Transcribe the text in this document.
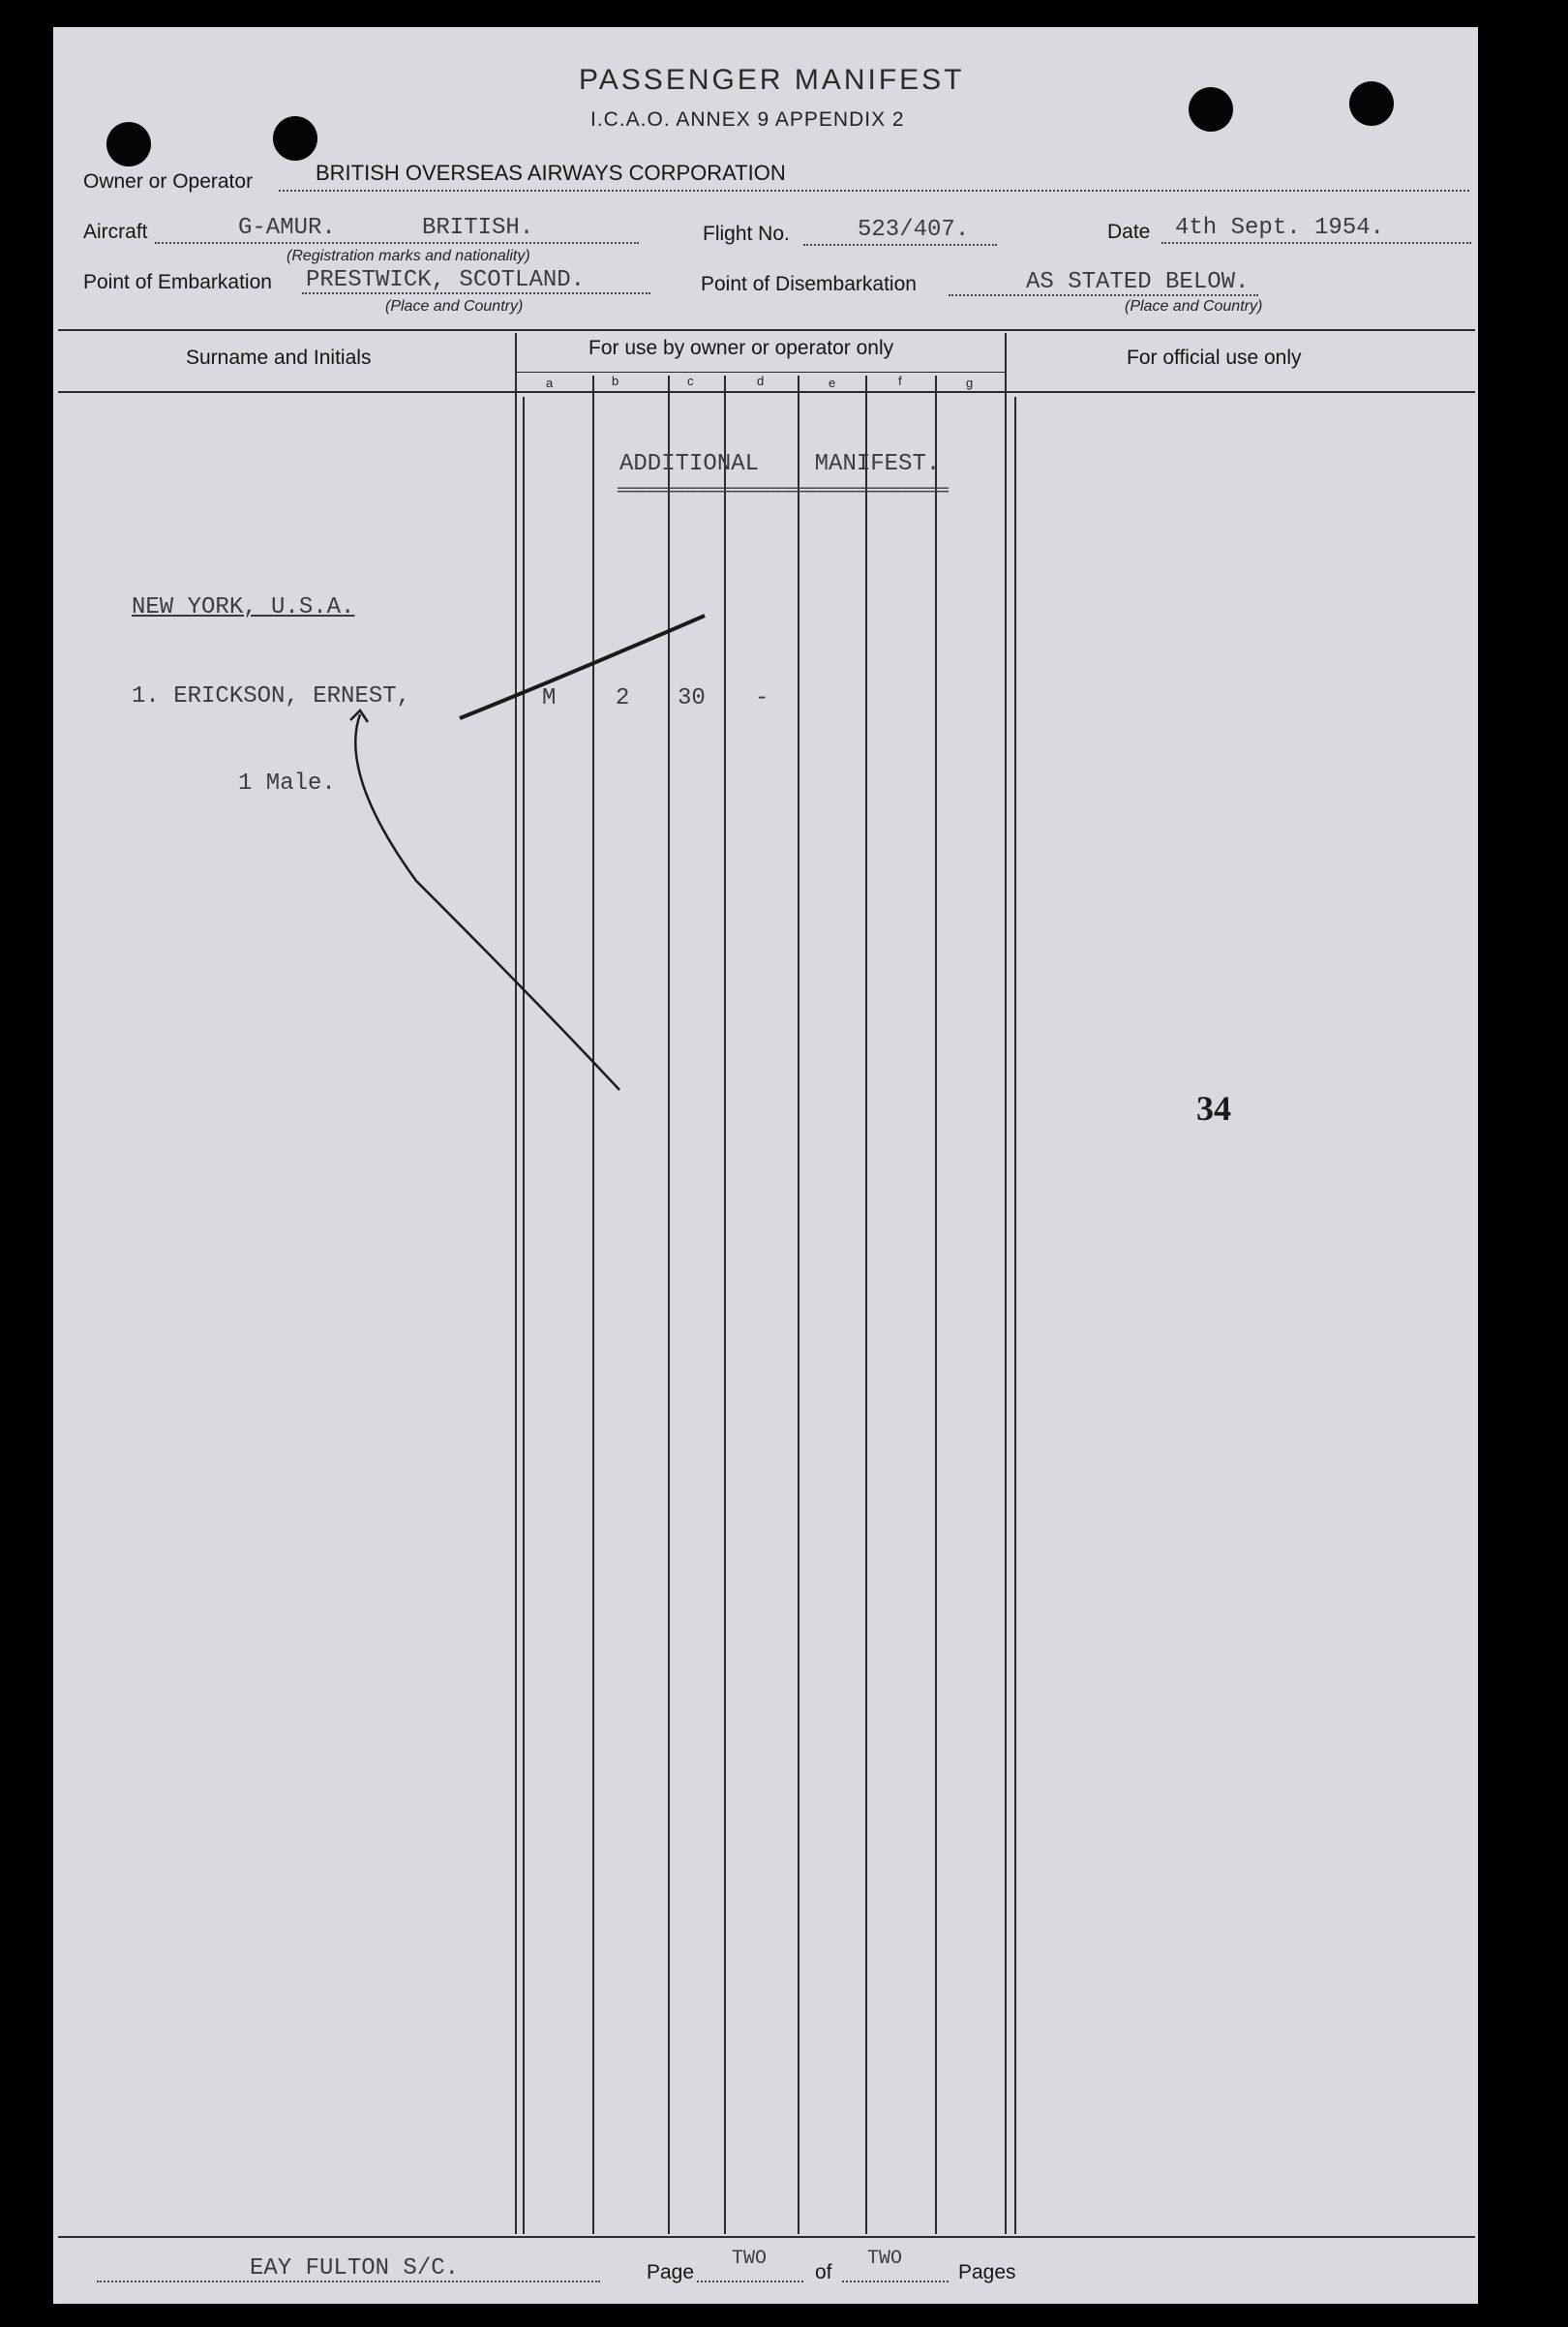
PASSENGER MANIFEST
I.C.A.O. ANNEX 9 APPENDIX 2
Owner or Operator	BRITISH OVERSEAS AIRWAYS CORPORATION
Aircraft	G-AMUR.	BRITISH.
(Registration marks and nationality)
Flight No.	523/407.	Date 4th Sept. 1954.
Point of Embarkation PRESTWICK, SCOTLAND.
(Place and Country)
Point of Disembarkation	AS STATED BELOW.
(Place and Country)
Surname and Initials	For use by owner or operator only	For official use only
a	b	c	d	e	f	g
ADDITIONAL    MANIFEST.
═══════════════════════════════
NEW YORK, U.S.A.
1. ERICKSON, ERNEST,	M	2 30 -
1 Male.
34
EAY FULTON S/C.	Page
TWO
of
TWO
Pages
